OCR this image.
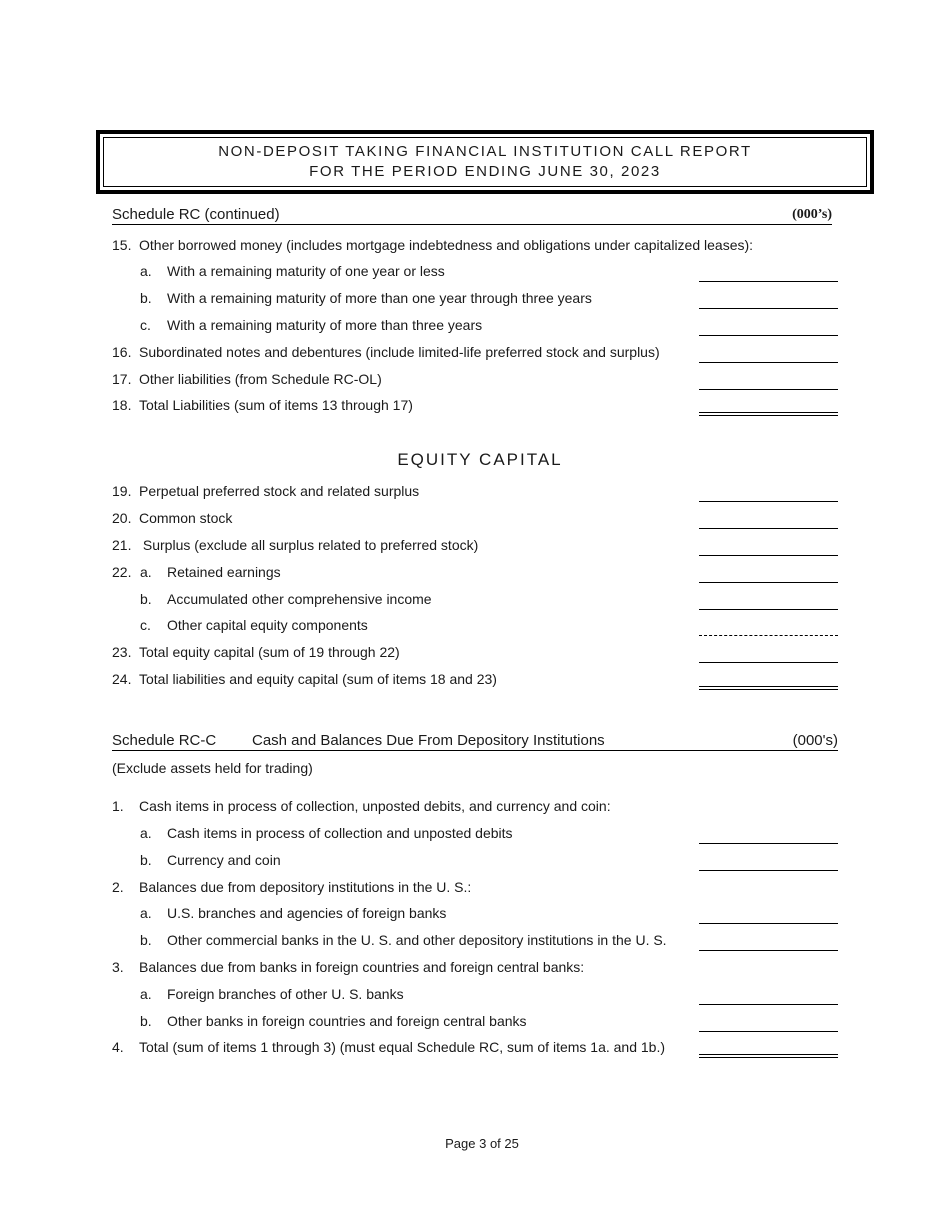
NON-DEPOSIT TAKING FINANCIAL INSTITUTION CALL REPORT
FOR THE PERIOD ENDING JUNE 30, 2023
Schedule RC (continued)	(000’s)
15. Other borrowed money (includes mortgage indebtedness and obligations under capitalized leases):
a. With a remaining maturity of one year or less
b. With a remaining maturity of more than one year through three years
c. With a remaining maturity of more than three years
16. Subordinated notes and debentures (include limited-life preferred stock and surplus)
17. Other liabilities (from Schedule RC-OL)
18. Total Liabilities (sum of items 13 through 17)
EQUITY CAPITAL
19. Perpetual preferred stock and related surplus
20. Common stock
21. Surplus (exclude all surplus related to preferred stock)
22. a. Retained earnings
b. Accumulated other comprehensive income
c. Other capital equity components
23. Total equity capital (sum of 19 through 22)
24. Total liabilities and equity capital (sum of items 18 and 23)
Schedule RC-C Cash and Balances Due From Depository Institutions	(000's)
(Exclude assets held for trading)
1. Cash items in process of collection, unposted debits, and currency and coin:
a. Cash items in process of collection and unposted debits
b. Currency and coin
2. Balances due from depository institutions in the U. S.:
a. U.S. branches and agencies of foreign banks
b. Other commercial banks in the U. S. and other depository institutions in the U. S.
3. Balances due from banks in foreign countries and foreign central banks:
a. Foreign branches of other U. S. banks
b. Other banks in foreign countries and foreign central banks
4. Total (sum of items 1 through 3) (must equal Schedule RC, sum of items 1a. and 1b.)
Page 3 of 25
